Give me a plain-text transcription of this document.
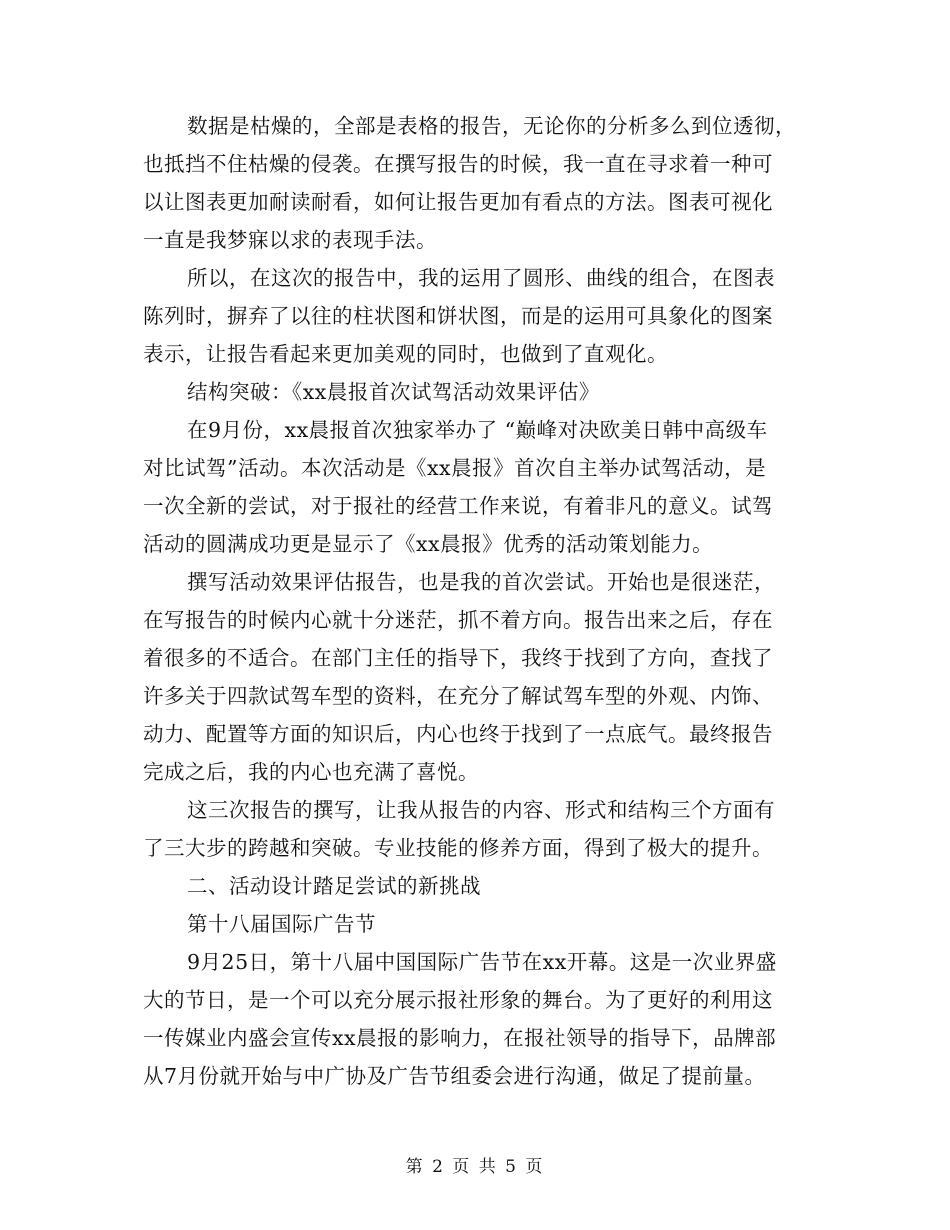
数据是枯燥的，全部是表格的报告，无论你的分析多么到位透彻，
也抵挡不住枯燥的侵袭。在撰写报告的时候，我一直在寻求着一种可
以让图表更加耐读耐看，如何让报告更加有看点的方法。图表可视化
一直是我梦寐以求的表现手法。
所以，在这次的报告中，我的运用了圆形、曲线的组合，在图表
陈列时，摒弃了以往的柱状图和饼状图，而是的运用可具象化的图案
表示，让报告看起来更加美观的同时，也做到了直观化。
结构突破：《xx晨报首次试驾活动效果评估》
在9月份，xx晨报首次独家举办了 “巅峰对决欧美日韩中高级车
对比试驾”活动。本次活动是《xx晨报》首次自主举办试驾活动，是
一次全新的尝试，对于报社的经营工作来说，有着非凡的意义。试驾
活动的圆满成功更是显示了《xx晨报》优秀的活动策划能力。
撰写活动效果评估报告，也是我的首次尝试。开始也是很迷茫，
在写报告的时候内心就十分迷茫，抓不着方向。报告出来之后，存在
着很多的不适合。在部门主任的指导下，我终于找到了方向，查找了
许多关于四款试驾车型的资料，在充分了解试驾车型的外观、内饰、
动力、配置等方面的知识后，内心也终于找到了一点底气。最终报告
完成之后，我的内心也充满了喜悦。
这三次报告的撰写，让我从报告的内容、形式和结构三个方面有
了三大步的跨越和突破。专业技能的修养方面，得到了极大的提升。
二、活动设计踏足尝试的新挑战
第十八届国际广告节
9月25日，第十八届中国国际广告节在xx开幕。这是一次业界盛
大的节日，是一个可以充分展示报社形象的舞台。为了更好的利用这
一传媒业内盛会宣传xx晨报的影响力，在报社领导的指导下，品牌部
从7月份就开始与中广协及广告节组委会进行沟通，做足了提前量。
第 2 页 共 5 页
